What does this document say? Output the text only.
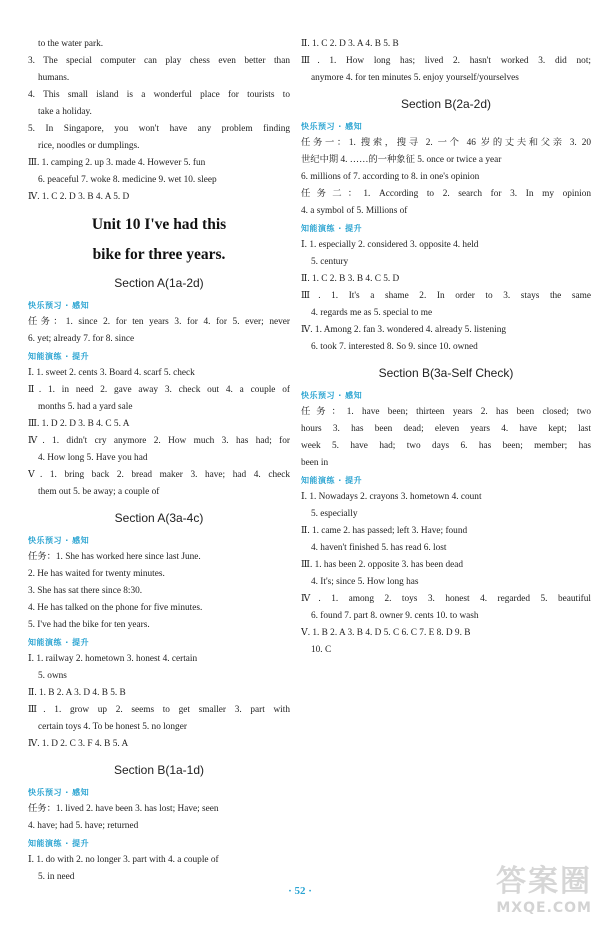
to the water park.
3. The special computer can play chess even better than
humans.
4. This small island is a wonderful place for tourists to
take a holiday.
5. In Singapore, you won't have any problem finding
rice, noodles or dumplings.
Ⅲ. 1. camping 2. up 3. made 4. However 5. fun
6. peaceful 7. woke 8. medicine 9. wet 10. sleep
Ⅳ. 1. C 2. D 3. B 4. A 5. D
Unit 10 I've had this
bike for three years.
Section A(1a-2d)
快乐预习 · 感知
任务：1. since 2. for ten years 3. for 4. for 5. ever; never
6. yet; already 7. for 8. since
知能演练 · 提升
Ⅰ. 1. sweet 2. cents 3. Board 4. scarf 5. check
Ⅱ. 1. in need 2. gave away 3. check out 4. a couple of
months 5. had a yard sale
Ⅲ. 1. D 2. D 3. B 4. C 5. A
Ⅳ. 1. didn't cry anymore 2. How much 3. has had; for
4. How long 5. Have you had
Ⅴ. 1. bring back 2. bread maker 3. have; had 4. check
them out 5. be away; a couple of
Section A(3a-4c)
快乐预习 · 感知
任务：1. She has worked here since last June.
2. He has waited for twenty minutes.
3. She has sat there since 8:30.
4. He has talked on the phone for five minutes.
5. I've had the bike for ten years.
知能演练 · 提升
Ⅰ. 1. railway 2. hometown 3. honest 4. certain
5. owns
Ⅱ. 1. B 2. A 3. D 4. B 5. B
Ⅲ. 1. grow up 2. seems to get smaller 3. part with
certain toys 4. To be honest 5. no longer
Ⅳ. 1. D 2. C 3. F 4. B 5. A
Section B(1a-1d)
快乐预习 · 感知
任务：1. lived 2. have been 3. has lost; Have; seen
4. have; had 5. have; returned
知能演练 · 提升
Ⅰ. 1. do with 2. no longer 3. part with 4. a couple of
5. in need
Ⅱ. 1. C 2. D 3. A 4. B 5. B
Ⅲ. 1. How long has; lived 2. hasn't worked 3. did not;
anymore 4. for ten minutes 5. enjoy yourself/yourselves
Section B(2a-2d)
快乐预习 · 感知
任务一：1. 搜索，搜寻 2. 一个 46 岁的丈夫和父亲 3. 20
世纪中期 4. ……的一种象征 5. once or twice a year
6. millions of 7. according to 8. in one's opinion
任务二：1. According to 2. search for 3. In my opinion
4. a symbol of 5. Millions of
知能演练 · 提升
Ⅰ. 1. especially 2. considered 3. opposite 4. held
5. century
Ⅱ. 1. C 2. B 3. B 4. C 5. D
Ⅲ. 1. It's a shame 2. In order to 3. stays the same
4. regards me as 5. special to me
Ⅳ. 1. Among 2. fan 3. wondered 4. already 5. listening
6. took 7. interested 8. So 9. since 10. owned
Section B(3a-Self Check)
快乐预习 · 感知
任务：1. have been; thirteen years 2. has been closed; two
hours 3. has been dead; eleven years 4. have kept; last
week 5. have had; two days 6. has been; member; has
been in
知能演练 · 提升
Ⅰ. 1. Nowadays 2. crayons 3. hometown 4. count
5. especially
Ⅱ. 1. came 2. has passed; left 3. Have; found
4. haven't finished 5. has read 6. lost
Ⅲ. 1. has been 2. opposite 3. has been dead
4. It's; since 5. How long has
Ⅳ. 1. among 2. toys 3. honest 4. regarded 5. beautiful
6. found 7. part 8. owner 9. cents 10. to wash
Ⅴ. 1. B 2. A 3. B 4. D 5. C 6. C 7. E 8. D 9. B
10. C
· 52 ·	答案圈
MXQE.COM
